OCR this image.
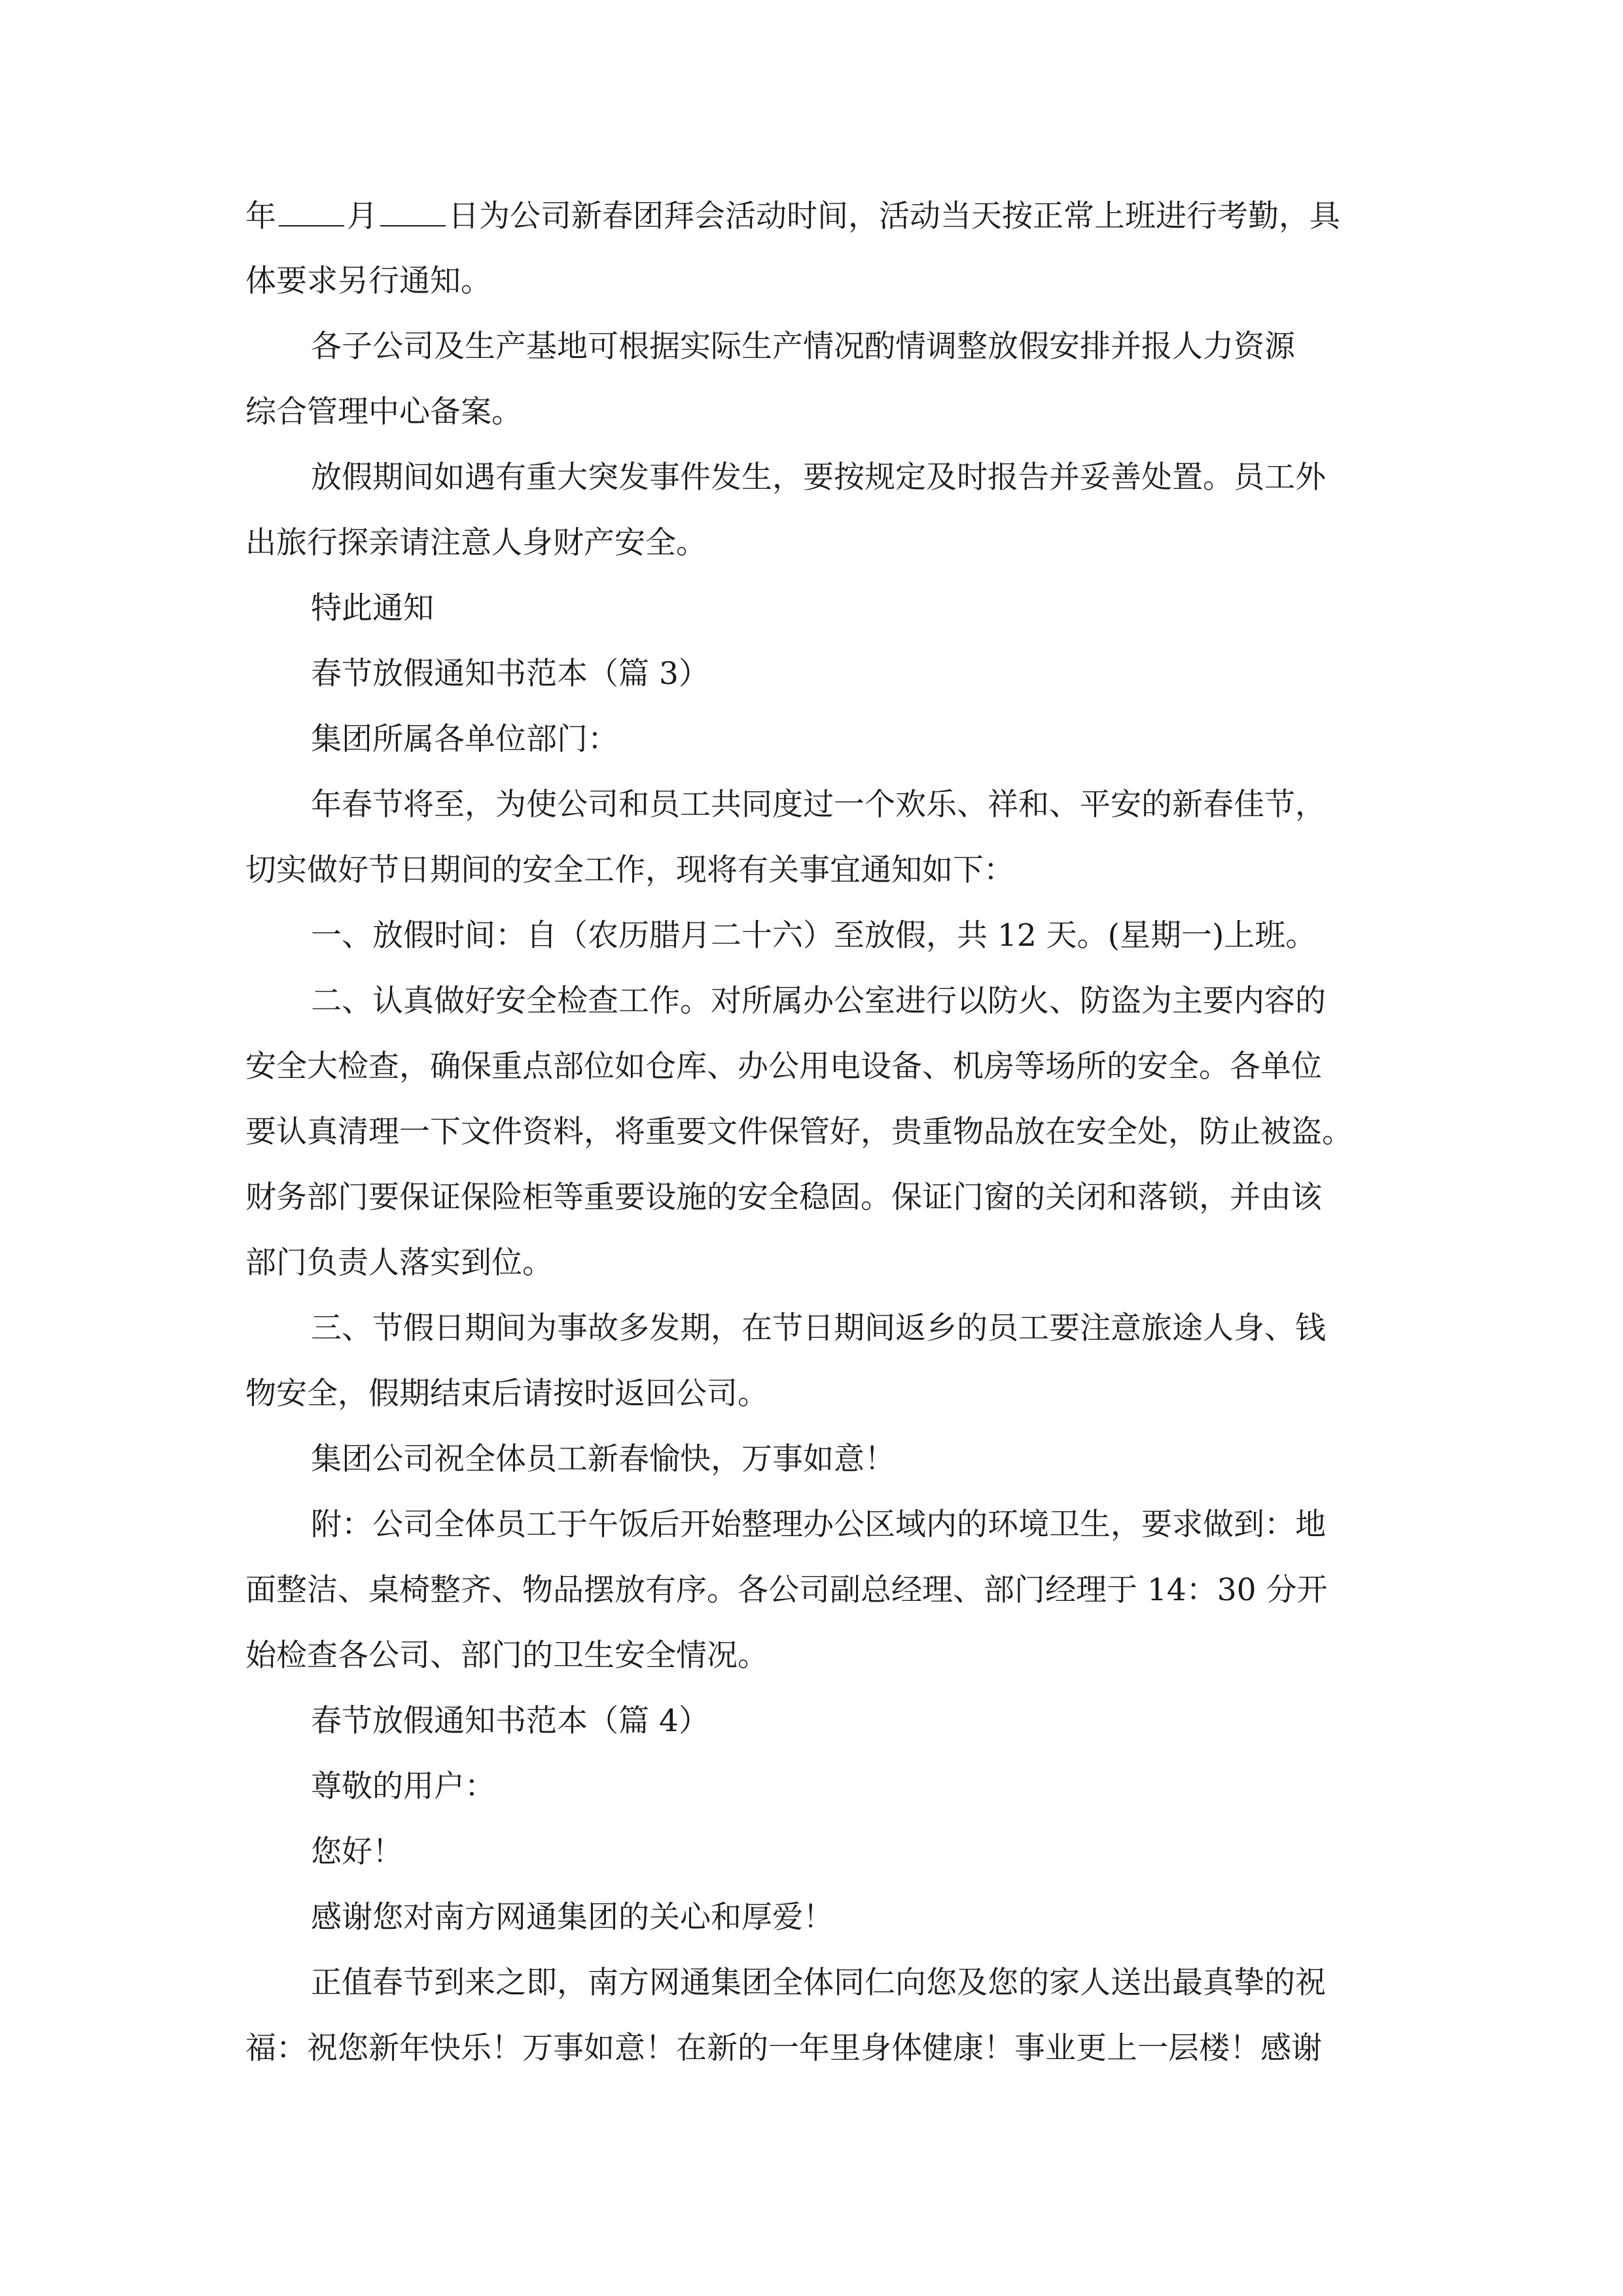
年 月 日为公司新春团拜会活动时间，活动当天按正常上班进行考勤，具
体要求另行通知。
各子公司及生产基地可根据实际生产情况酌情调整放假安排并报人力资源
综合管理中心备案。
放假期间如遇有重大突发事件发生，要按规定及时报告并妥善处置。员工外
出旅行探亲请注意人身财产安全。
特此通知
春节放假通知书范本（篇 3）
集团所属各单位部门：
年春节将至，为使公司和员工共同度过一个欢乐、祥和、平安的新春佳节，
切实做好节日期间的安全工作，现将有关事宜通知如下：
一、放假时间：自（农历腊月二十六）至放假，共 12 天。(星期一)上班。
二、认真做好安全检查工作。对所属办公室进行以防火、防盗为主要内容的
安全大检查，确保重点部位如仓库、办公用电设备、机房等场所的安全。各单位
要认真清理一下文件资料，将重要文件保管好，贵重物品放在安全处，防止被盗。
财务部门要保证保险柜等重要设施的安全稳固。保证门窗的关闭和落锁，并由该
部门负责人落实到位。
三、节假日期间为事故多发期，在节日期间返乡的员工要注意旅途人身、钱
物安全，假期结束后请按时返回公司。
集团公司祝全体员工新春愉快，万事如意！
附：公司全体员工于午饭后开始整理办公区域内的环境卫生，要求做到：地
面整洁、桌椅整齐、物品摆放有序。各公司副总经理、部门经理于 14：30 分开
始检查各公司、部门的卫生安全情况。
春节放假通知书范本（篇 4）
尊敬的用户：
您好！
感谢您对南方网通集团的关心和厚爱！
正值春节到来之即，南方网通集团全体同仁向您及您的家人送出最真挚的祝
福：祝您新年快乐！万事如意！在新的一年里身体健康！事业更上一层楼！感谢
